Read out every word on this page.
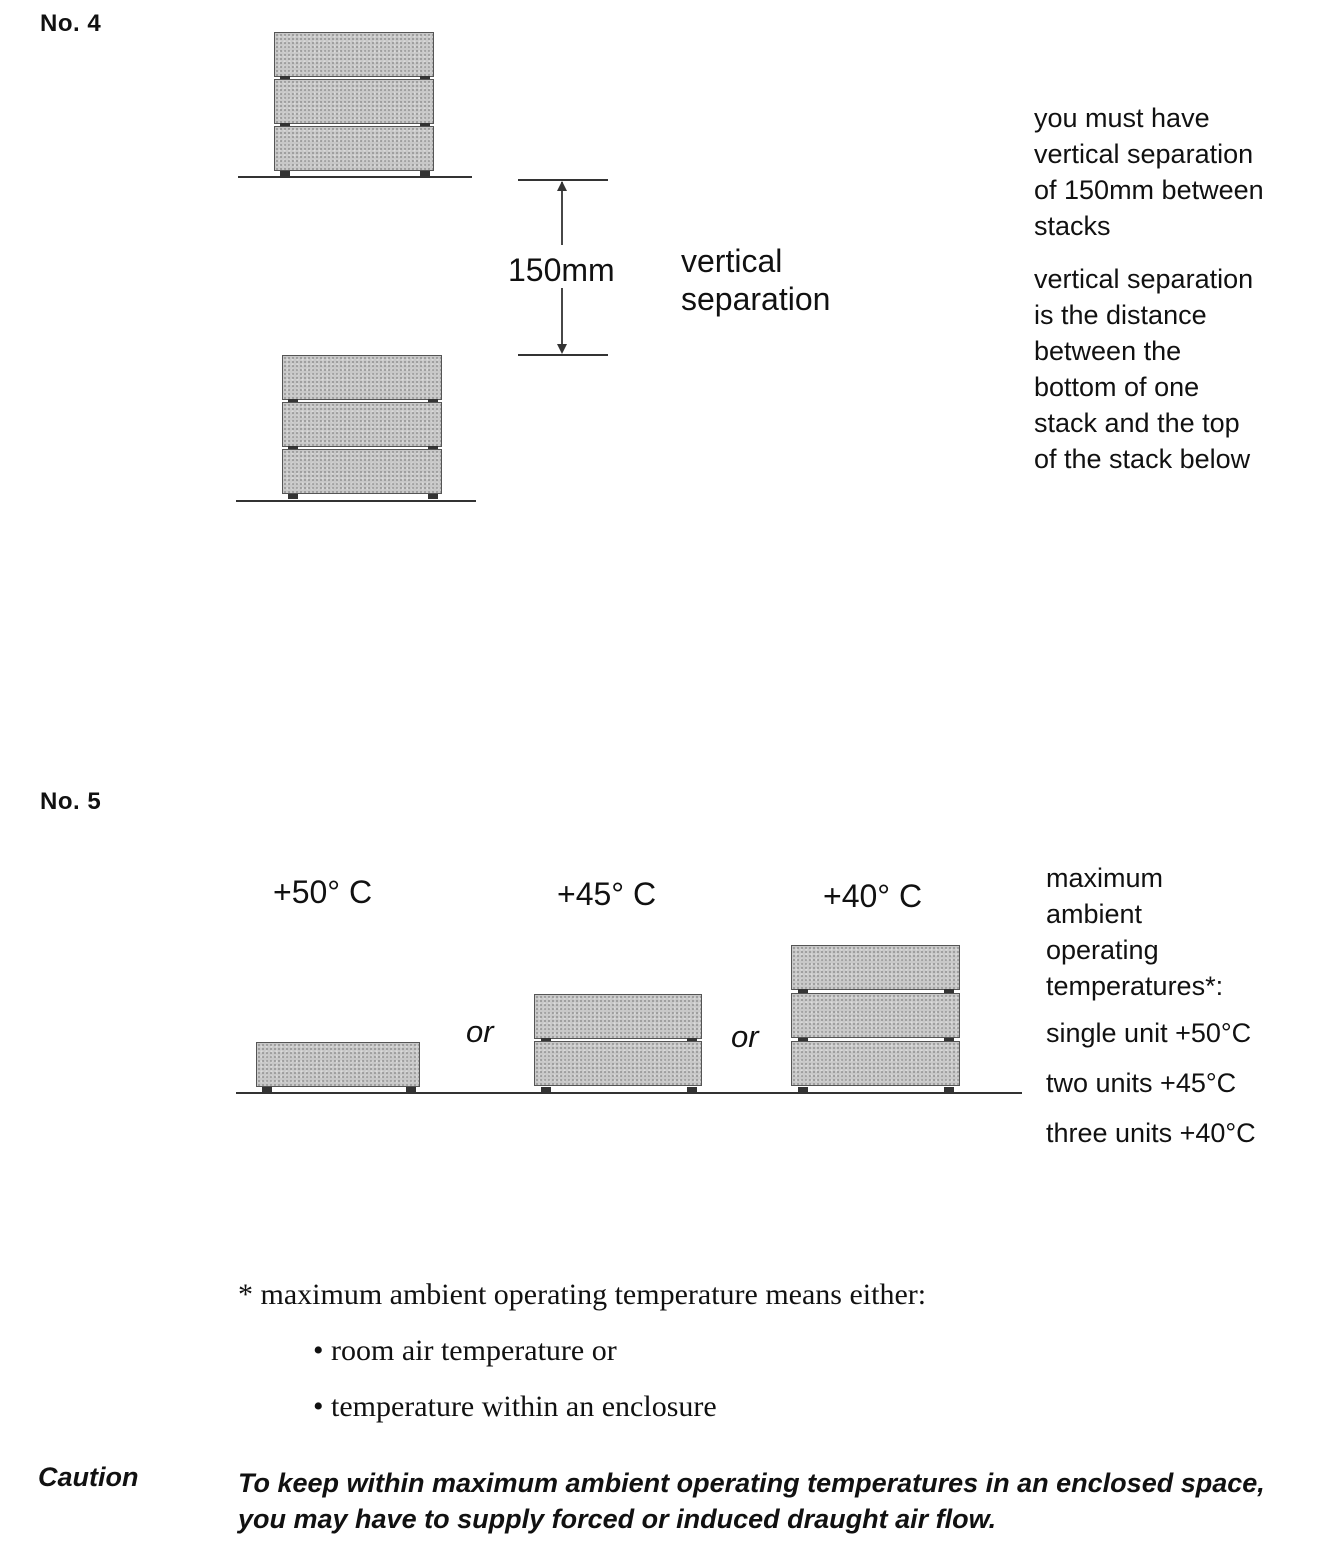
No. 4
150mm vertical
separation
you must have
vertical separation
of 150mm between
stacks
vertical separation
is the distance
between the
bottom of one
stack and the top
of the stack below
No. 5
+50° C	+45° C	+40° C
or	or
maximum
ambient
operating
temperatures*:
single unit +50°C
two units +45°C
three units +40°C
* maximum ambient operating temperature means either:
• room air temperature or
• temperature within an enclosure
Caution	To keep within maximum ambient operating temperatures in an enclosed space, you may have to supply forced or induced draught air flow.
